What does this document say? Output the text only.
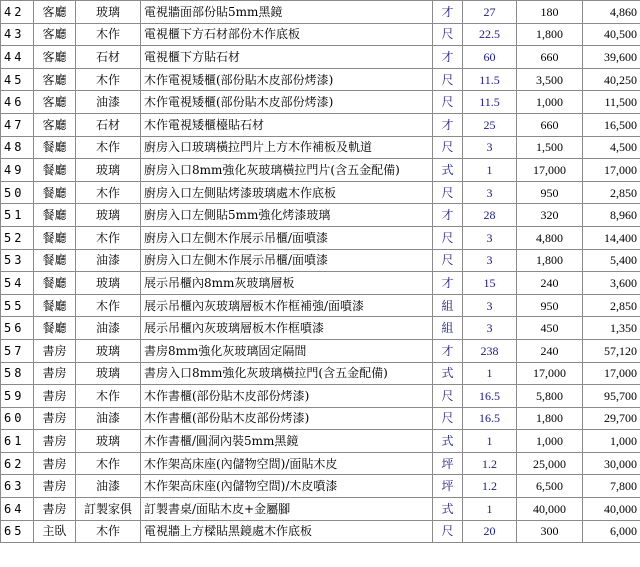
42	客廳	玻璃	電視牆面部份貼5mm黑鏡	才	27	180	4,860
43	客廳	木作	電視櫃下方石材部份木作底板	尺	22.5	1,800	40,500
44	客廳	石材	電視櫃下方貼石材	才	60	660	39,600
45	客廳	木作	木作電視矮櫃(部份貼木皮部份烤漆)	尺	11.5	3,500	40,250
46	客廳	油漆	木作電視矮櫃(部份貼木皮部份烤漆)	尺	11.5	1,000	11,500
47	客廳	石材	木作電視矮櫃檯貼石材	才	25	660	16,500
48	餐廳	木作	廚房入口玻璃橫拉門片上方木作補板及軌道	尺	3	1,500	4,500
49	餐廳	玻璃	廚房入口8mm強化灰玻璃橫拉門片(含五金配備)	式	1	17,000	17,000
50	餐廳	木作	廚房入口左側貼烤漆玻璃處木作底板	尺	3	950	2,850
51	餐廳	玻璃	廚房入口左側貼5mm強化烤漆玻璃	才	28	320	8,960
52	餐廳	木作	廚房入口左側木作展示吊櫃/面噴漆	尺	3	4,800	14,400
53	餐廳	油漆	廚房入口左側木作展示吊櫃/面噴漆	尺	3	1,800	5,400
54	餐廳	玻璃	展示吊櫃內8mm灰玻璃層板	才	15	240	3,600
55	餐廳	木作	展示吊櫃內灰玻璃層板木作框補強/面噴漆	組	3	950	2,850
56	餐廳	油漆	展示吊櫃內灰玻璃層板木作框噴漆	組	3	450	1,350
57	書房	玻璃	書房8mm強化灰玻璃固定隔間	才	238	240	57,120
58	書房	玻璃	書房入口8mm強化灰玻璃橫拉門(含五金配備)	式	1	17,000	17,000
59	書房	木作	木作書櫃(部份貼木皮部份烤漆)	尺	16.5	5,800	95,700
60	書房	油漆	木作書櫃(部份貼木皮部份烤漆)	尺	16.5	1,800	29,700
61	書房	玻璃	木作書櫃/圓洞內裝5mm黑鏡	式	1	1,000	1,000
62	書房	木作	木作架高床座(內儲物空間)/面貼木皮	坪	1.2	25,000	30,000
63	書房	油漆	木作架高床座(內儲物空間)/木皮噴漆	坪	1.2	6,500	7,800
64	書房	訂製家俱	訂製書桌/面貼木皮+金屬腳	式	1	40,000	40,000
65	主臥	木作	電視牆上方樑貼黑鏡處木作底板	尺	20	300	6,000
